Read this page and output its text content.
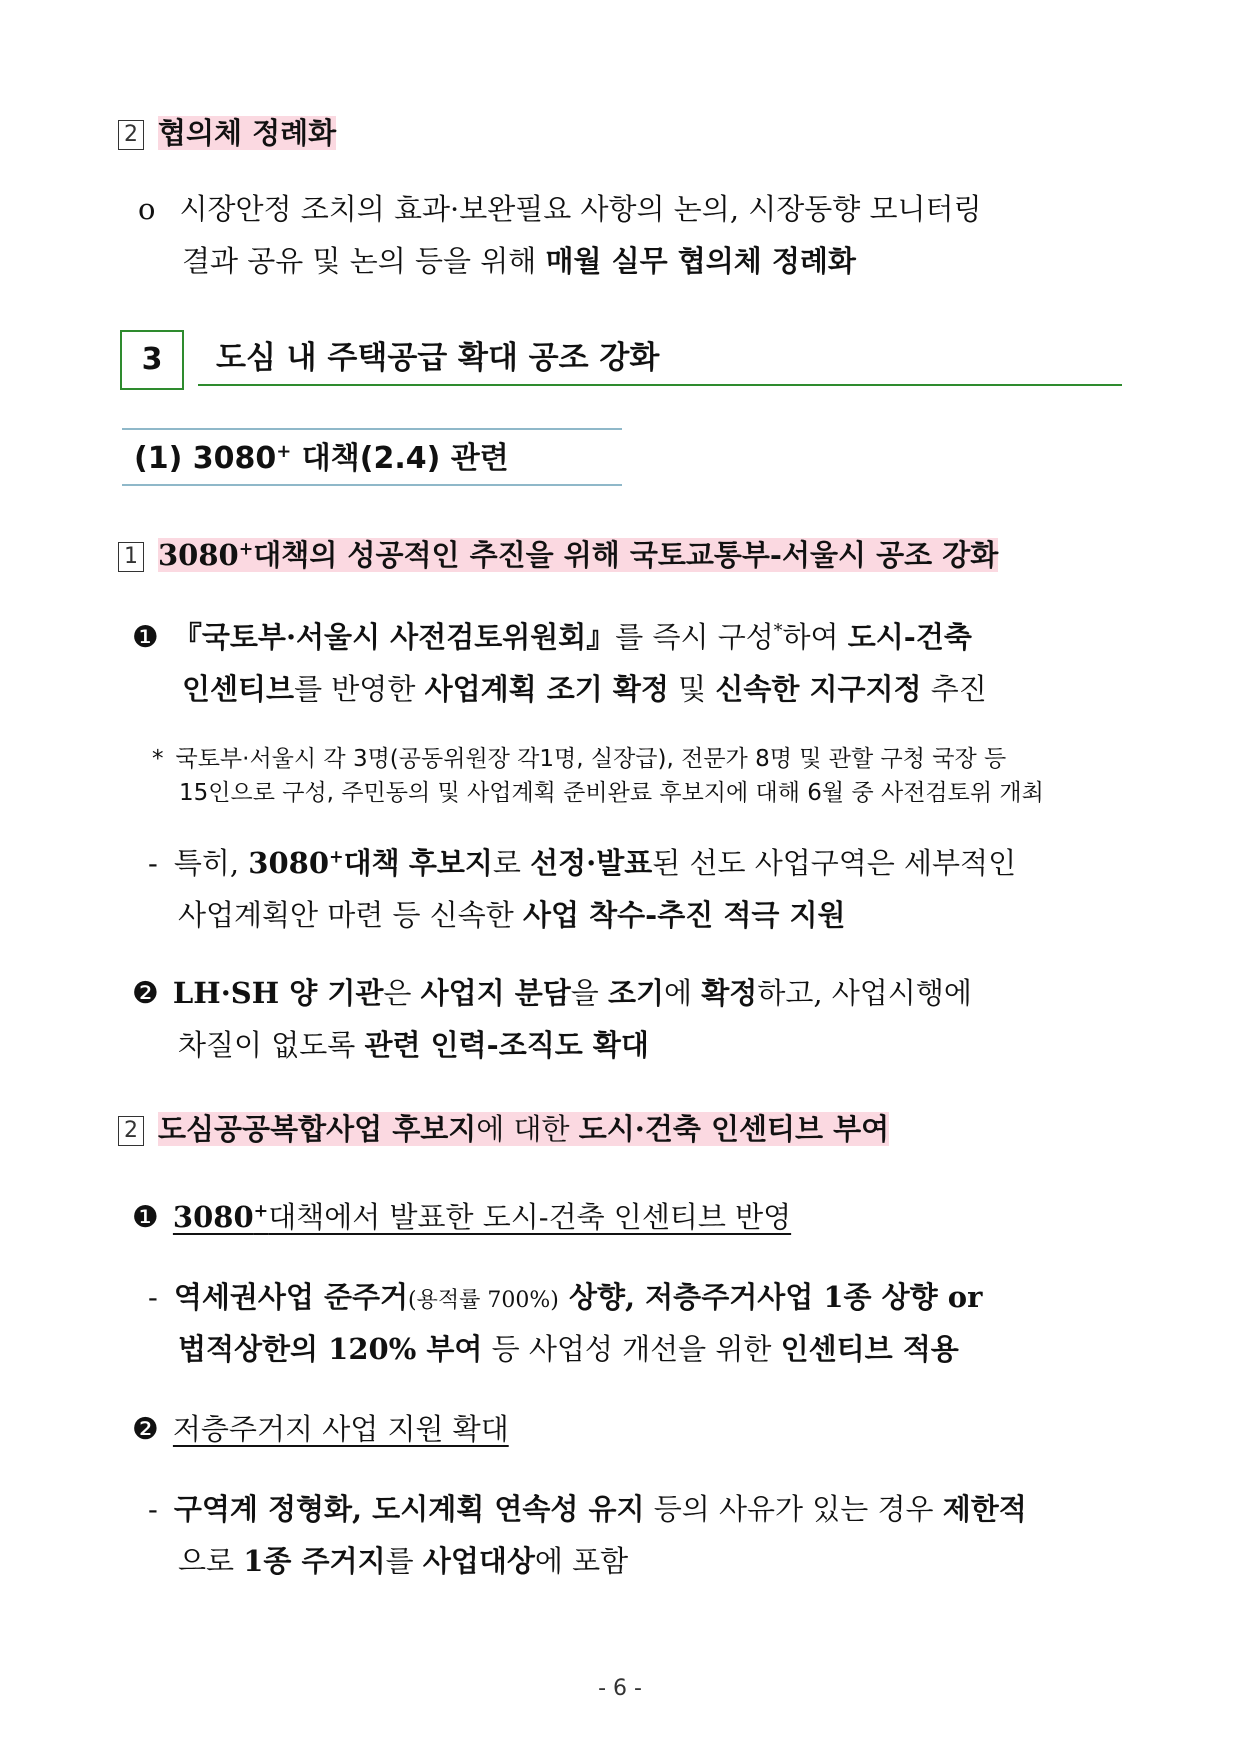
2 협의체 정례화
ο 시장안정 조치의 효과·보완필요 사항의 논의, 시장동향 모니터링
결과 공유 및 논의 등을 위해 매월 실무 협의체 정례화
3	도심 내 주택공급 확대 공조 강화
(1) 3080+ 대책(2.4) 관련
1 3080+대책의 성공적인 추진을 위해 국토교통부-서울시 공조 강화
❶ 『국토부·서울시 사전검토위원회』를 즉시 구성*하여 도시-건축
인센티브를 반영한 사업계획 조기 확정 및 신속한 지구지정 추진
* 국토부·서울시 각 3명(공동위원장 각1명, 실장급), 전문가 8명 및 관할 구청 국장 등
15인으로 구성, 주민동의 및 사업계획 준비완료 후보지에 대해 6월 중 사전검토위 개최
- 특히, 3080+대책 후보지로 선정·발표된 선도 사업구역은 세부적인
사업계획안 마련 등 신속한 사업 착수-추진 적극 지원
❷ LH·SH 양 기관은 사업지 분담을 조기에 확정하고, 사업시행에
차질이 없도록 관련 인력-조직도 확대
2 도심공공복합사업 후보지에 대한 도시·건축 인센티브 부여
❶ 3080+대책에서 발표한 도시-건축 인센티브 반영
- 역세권사업 준주거(용적률 700%) 상향, 저층주거사업 1종 상향 or
법적상한의 120% 부여 등 사업성 개선을 위한 인센티브 적용
❷ 저층주거지 사업 지원 확대
- 구역계 정형화, 도시계획 연속성 유지 등의 사유가 있는 경우 제한적
으로 1종 주거지를 사업대상에 포함
- 6 -
